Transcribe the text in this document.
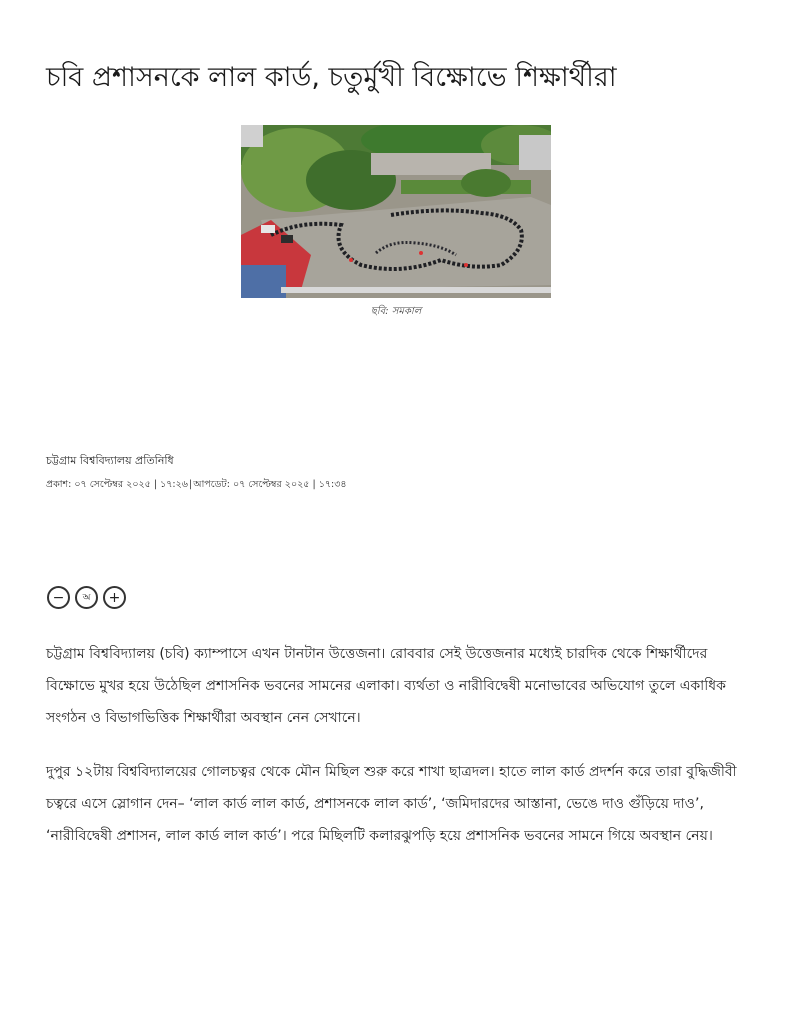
চবি প্রশাসনকে লাল কার্ড, চতুর্মুখী বিক্ষোভে শিক্ষার্থীরা
ছবি: সমকাল
চট্টগ্রাম বিশ্ববিদ্যালয় প্রতিনিধি
প্রকাশ: ০৭ সেপ্টেম্বর ২০২৫ | ১৭:২৬|আপডেট: ০৭ সেপ্টেম্বর ২০২৫ | ১৭:৩৪
−	অ	+

চট্টগ্রাম বিশ্ববিদ্যালয় (চবি) ক্যাম্পাসে এখন টানটান উত্তেজনা। রোববার সেই উত্তেজনার মধ্যেই চারদিক থেকে শিক্ষার্থীদের বিক্ষোভে মুখর হয়ে উঠেছিল প্রশাসনিক ভবনের সামনের এলাকা। ব্যর্থতা ও নারীবিদ্বেষী মনোভাবের অভিযোগ তুলে একাধিক সংগঠন ও বিভাগভিত্তিক শিক্ষার্থীরা অবস্থান নেন সেখানে।

দুপুর ১২টায় বিশ্ববিদ্যালয়ের গোলচত্বর থেকে মৌন মিছিল শুরু করে শাখা ছাত্রদল। হাতে লাল কার্ড প্রদর্শন করে তারা বুদ্ধিজীবী চত্বরে এসে স্লোগান দেন– ‘লাল কার্ড লাল কার্ড, প্রশাসনকে লাল কার্ড’, ‘জমিদারদের আস্তানা, ভেঙে দাও গুঁড়িয়ে দাও’, ‘নারীবিদ্বেষী প্রশাসন, লাল কার্ড লাল কার্ড’। পরে মিছিলটি কলারঝুপড়ি হয়ে প্রশাসনিক ভবনের সামনে গিয়ে অবস্থান নেয়।
